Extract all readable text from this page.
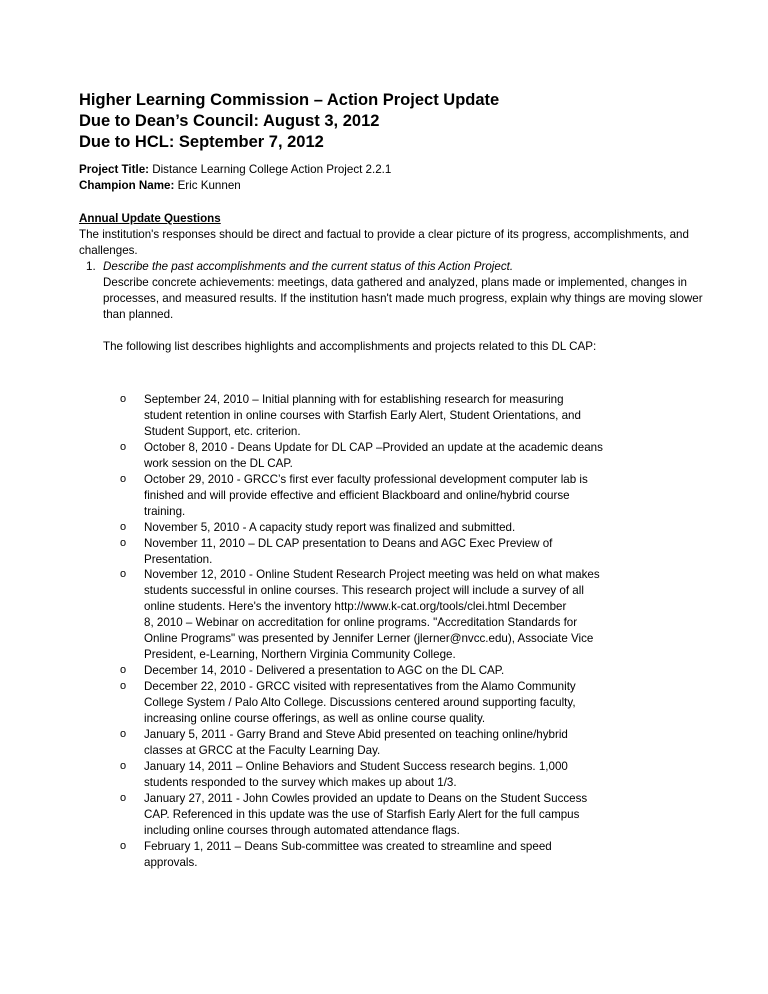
Higher Learning Commission – Action Project Update
Due to Dean’s Council: August 3, 2012
Due to HCL: September 7, 2012
Project Title: Distance Learning College Action Project 2.2.1
Champion Name: Eric Kunnen
Annual Update Questions
The institution's responses should be direct and factual to provide a clear picture of its progress, accomplishments, and challenges.
1. Describe the past accomplishments and the current status of this Action Project.

Describe concrete achievements: meetings, data gathered and analyzed, plans made or implemented, changes in processes, and measured results. If the institution hasn't made much progress, explain why things are moving slower than planned.

The following list describes highlights and accomplishments and projects related to this DL CAP:

o September 24, 2010 – Initial planning with for establishing research for measuring
student retention in online courses with Starfish Early Alert, Student Orientations, and
Student Support, etc. criterion.
o October 8, 2010 - Deans Update for DL CAP –Provided an update at the academic deans
work session on the DL CAP.
o October 29, 2010 - GRCC’s first ever faculty professional development computer lab is
finished and will provide effective and efficient Blackboard and online/hybrid course
training.
o November 5, 2010 - A capacity study report was finalized and submitted.
o November 11, 2010 – DL CAP presentation to Deans and AGC Exec Preview of
Presentation.
o November 12, 2010 - Online Student Research Project meeting was held on what makes
students successful in online courses. This research project will include a survey of all
online students. Here's the inventory http://www.k-cat.org/tools/clei.html December
8, 2010 – Webinar on accreditation for online programs. "Accreditation Standards for
Online Programs" was presented by Jennifer Lerner (jlerner@nvcc.edu), Associate Vice
President, e-Learning, Northern Virginia Community College.
o December 14, 2010 - Delivered a presentation to AGC on the DL CAP.
o December 22, 2010 - GRCC visited with representatives from the Alamo Community
College System / Palo Alto College. Discussions centered around supporting faculty,
increasing online course offerings, as well as online course quality.
o January 5, 2011 - Garry Brand and Steve Abid presented on teaching online/hybrid
classes at GRCC at the Faculty Learning Day.
o January 14, 2011 – Online Behaviors and Student Success research begins. 1,000
students responded to the survey which makes up about 1/3.
o January 27, 2011 - John Cowles provided an update to Deans on the Student Success
CAP. Referenced in this update was the use of Starfish Early Alert for the full campus
including online courses through automated attendance flags.
o February 1, 2011 – Deans Sub-committee was created to streamline and speed
approvals.
